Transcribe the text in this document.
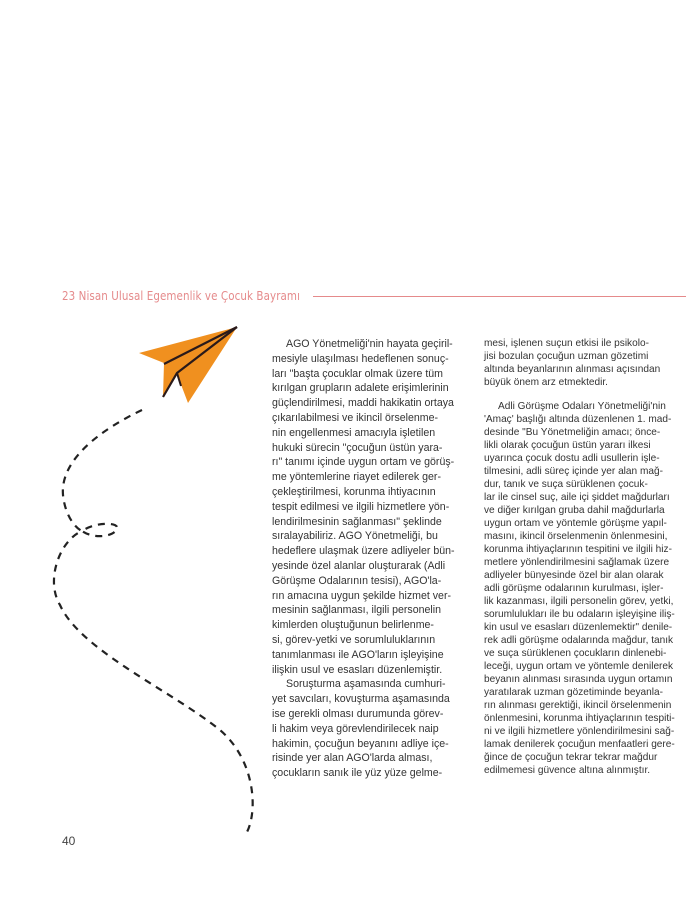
23 Nisan Ulusal Egemenlik ve Çocuk Bayramı
AGO Yönetmeliği'nin hayata geçiril-
mesiyle ulaşılması hedeflenen sonuç-
ları "başta çocuklar olmak üzere tüm
kırılgan grupların adalete erişimlerinin
güçlendirilmesi, maddi hakikatin ortaya
çıkarılabilmesi ve ikincil örselenme-
nin engellenmesi amacıyla işletilen
hukuki sürecin "çocuğun üstün yara-
rı" tanımı içinde uygun ortam ve görüş-
me yöntemlerine riayet edilerek ger-
çekleştirilmesi, korunma ihtiyacının
tespit edilmesi ve ilgili hizmetlere yön-
lendirilmesinin sağlanması" şeklinde
sıralayabiliriz. AGO Yönetmeliği, bu
hedeflere ulaşmak üzere adliyeler bün-
yesinde özel alanlar oluşturarak (Adli
Görüşme Odalarının tesisi), AGO'la-
rın amacına uygun şekilde hizmet ver-
mesinin sağlanması, ilgili personelin
kimlerden oluştuğunun belirlenme-
si, görev-yetki ve sorumluluklarının
tanımlanması ile AGO'ların işleyişine
ilişkin usul ve esasları düzenlemiştir.
Soruşturma aşamasında cumhuri-
yet savcıları, kovuşturma aşamasında
ise gerekli olması durumunda görev-
li hakim veya görevlendirilecek naip
hakimin, çocuğun beyanını adliye içe-
risinde yer alan AGO'larda alması,
çocukların sanık ile yüz yüze gelme-
mesi, işlenen suçun etkisi ile psikolo-
jisi bozulan çocuğun uzman gözetimi
altında beyanlarının alınması açısından
büyük önem arz etmektedir.
Adli Görüşme Odaları Yönetmeliği'nin
'Amaç' başlığı altında düzenlenen 1. mad-
desinde "Bu Yönetmeliğin amacı; önce-
likli olarak çocuğun üstün yararı ilkesi
uyarınca çocuk dostu adli usullerin işle-
tilmesini, adli süreç içinde yer alan mağ-
dur, tanık ve suça sürüklenen çocuk-
lar ile cinsel suç, aile içi şiddet mağdurları
ve diğer kırılgan gruba dahil mağdurlarla
uygun ortam ve yöntemle görüşme yapıl-
masını, ikincil örselenmenin önlenmesini,
korunma ihtiyaçlarının tespitini ve ilgili hiz-
metlere yönlendirilmesini sağlamak üzere
adliyeler bünyesinde özel bir alan olarak
adli görüşme odalarının kurulması, işler-
lik kazanması, ilgili personelin görev, yetki,
sorumlulukları ile bu odaların işleyişine iliş-
kin usul ve esasları düzenlemektir" denile-
rek adli görüşme odalarında mağdur, tanık
ve suça sürüklenen çocukların dinlenebi-
leceği, uygun ortam ve yöntemle denilerek
beyanın alınması sırasında uygun ortamın
yaratılarak uzman gözetiminde beyanla-
rın alınması gerektiği, ikincil örselenmenin
önlenmesini, korunma ihtiyaçlarının tespiti-
ni ve ilgili hizmetlere yönlendirilmesini sağ-
lamak denilerek çocuğun menfaatleri gere-
ğince de çocuğun tekrar tekrar mağdur
edilmemesi güvence altına alınmıştır.
40
